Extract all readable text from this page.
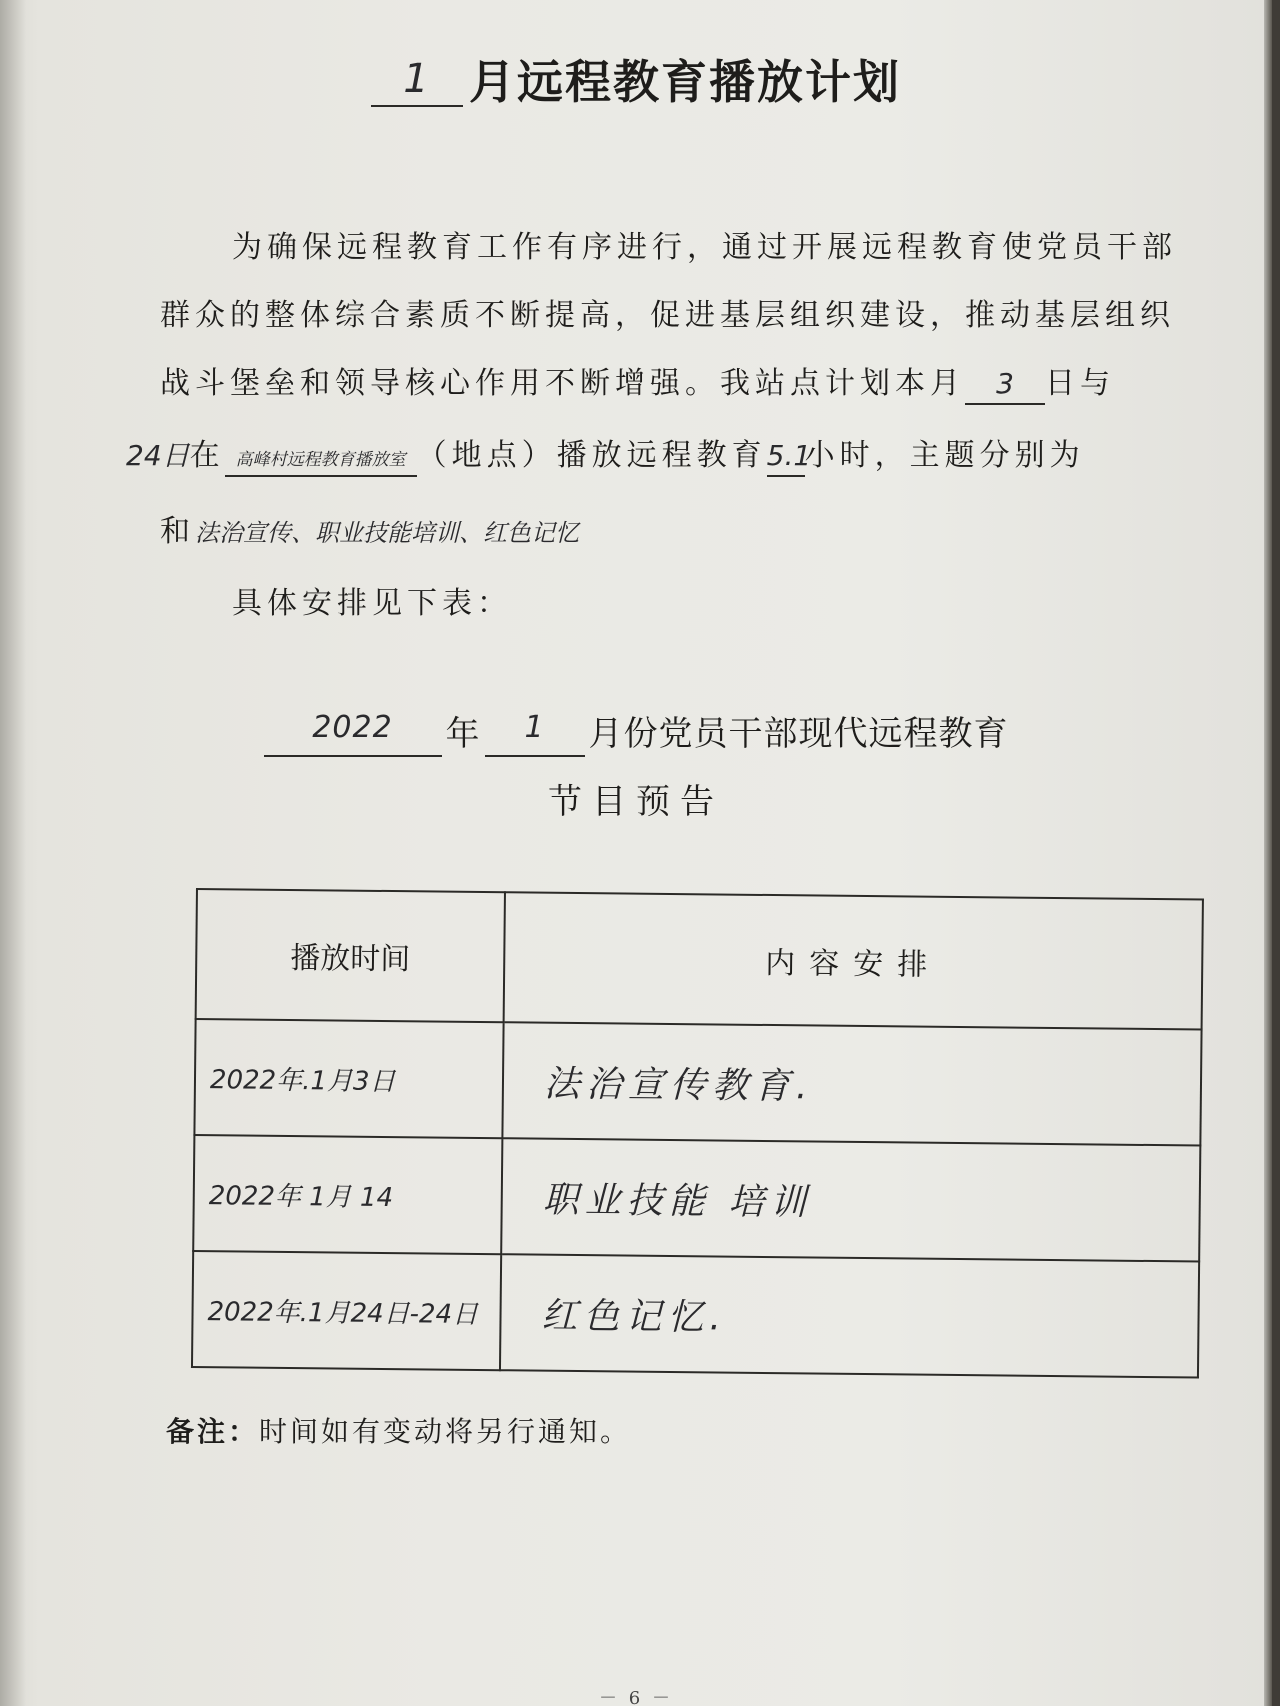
1 月远程教育播放计划
为确保远程教育工作有序进行，通过开展远程教育使党员干部
群众的整体综合素质不断提高，促进基层组织建设，推动基层组织
战斗堡垒和领导核心作用不断增强。我站点计划本月 3 日与
24日在 高峰村远程教育播放室 （地点）播放远程教育5.1小时，主题分别为
和法治宣传、职业技能培训、红色记忆
具体安排见下表：
2022 年 1 月份党员干部现代远程教育
节目预告
播放时间	内容安排
2022年.1月3日	法治宣传教育.
2022年 1月 14	职业技能 培训
2022年.1月24日-24日	红色记忆.
备注：时间如有变动将另行通知。
－ 6 －
